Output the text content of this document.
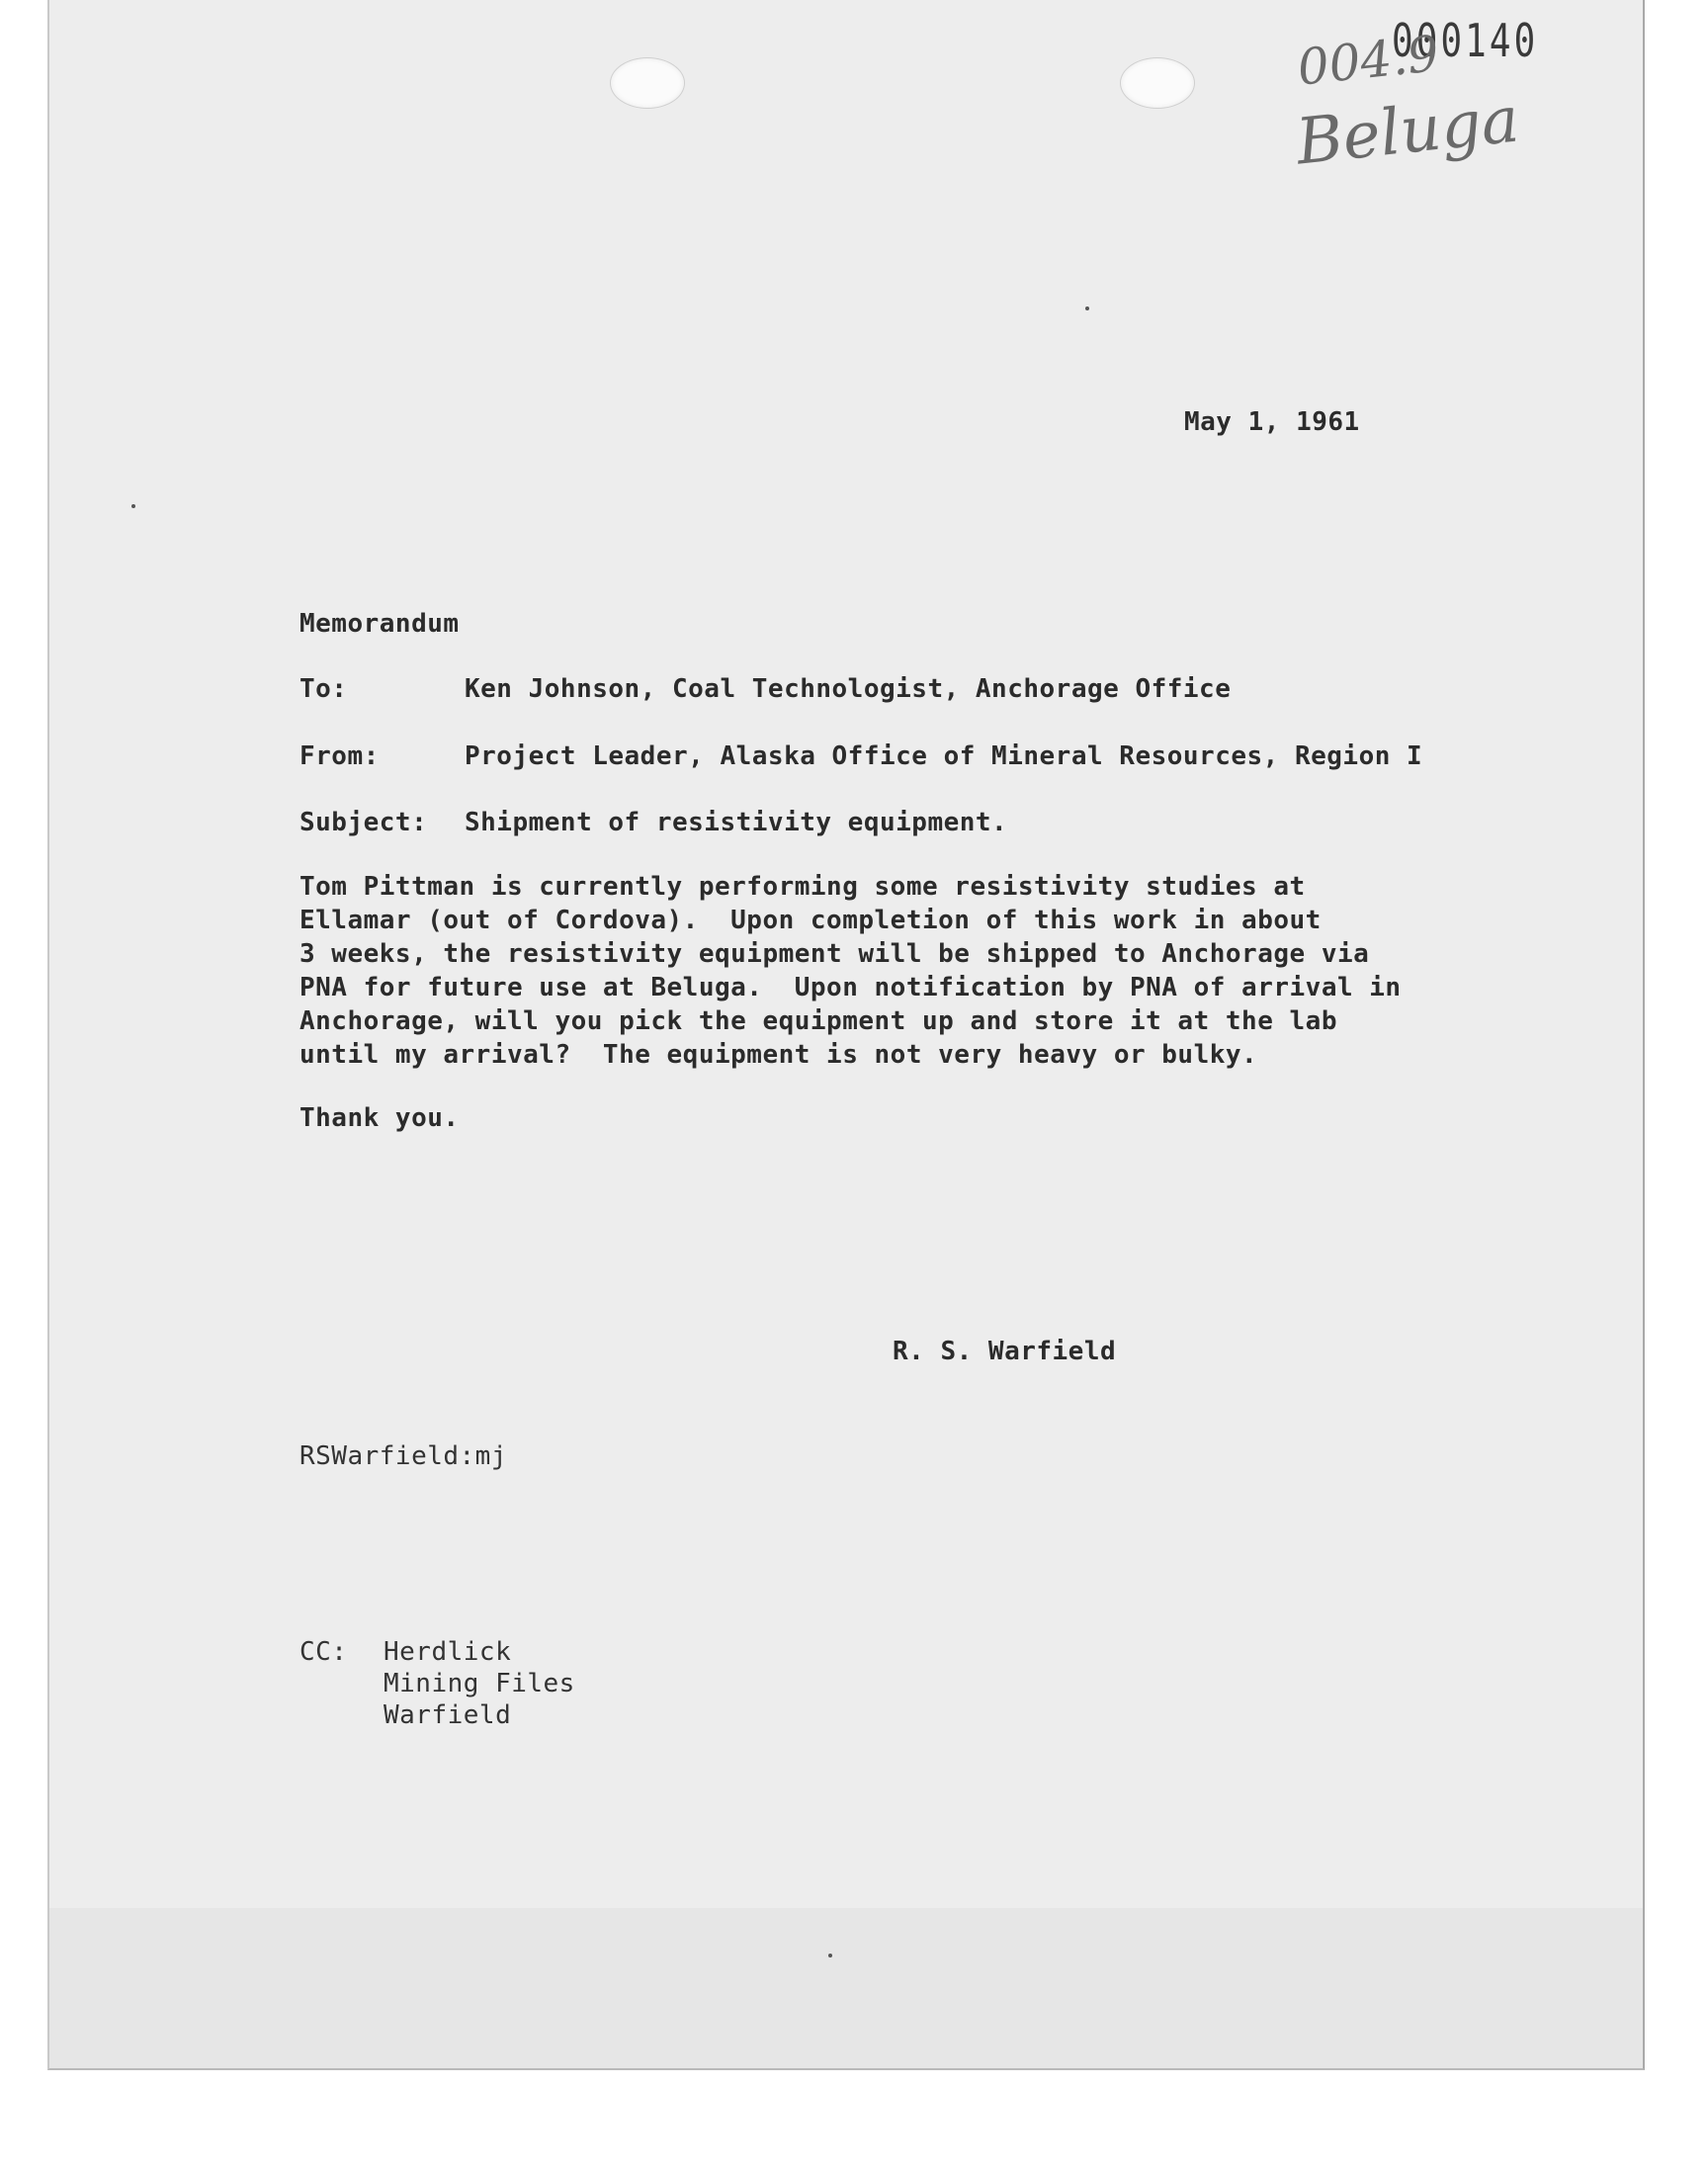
000140
004.9
Beluga
May 1, 1961
Memorandum
To:	Ken Johnson, Coal Technologist, Anchorage Office
From:	Project Leader, Alaska Office of Mineral Resources, Region I
Subject: Shipment of resistivity equipment.
Tom Pittman is currently performing some resistivity studies at
Ellamar (out of Cordova).  Upon completion of this work in about
3 weeks, the resistivity equipment will be shipped to Anchorage via
PNA for future use at Beluga.  Upon notification by PNA of arrival in
Anchorage, will you pick the equipment up and store it at the lab
until my arrival?  The equipment is not very heavy or bulky.
Thank you.
R. S. Warfield
RSWarfield:mj
CC: Herdlick
Mining Files
Warfield
